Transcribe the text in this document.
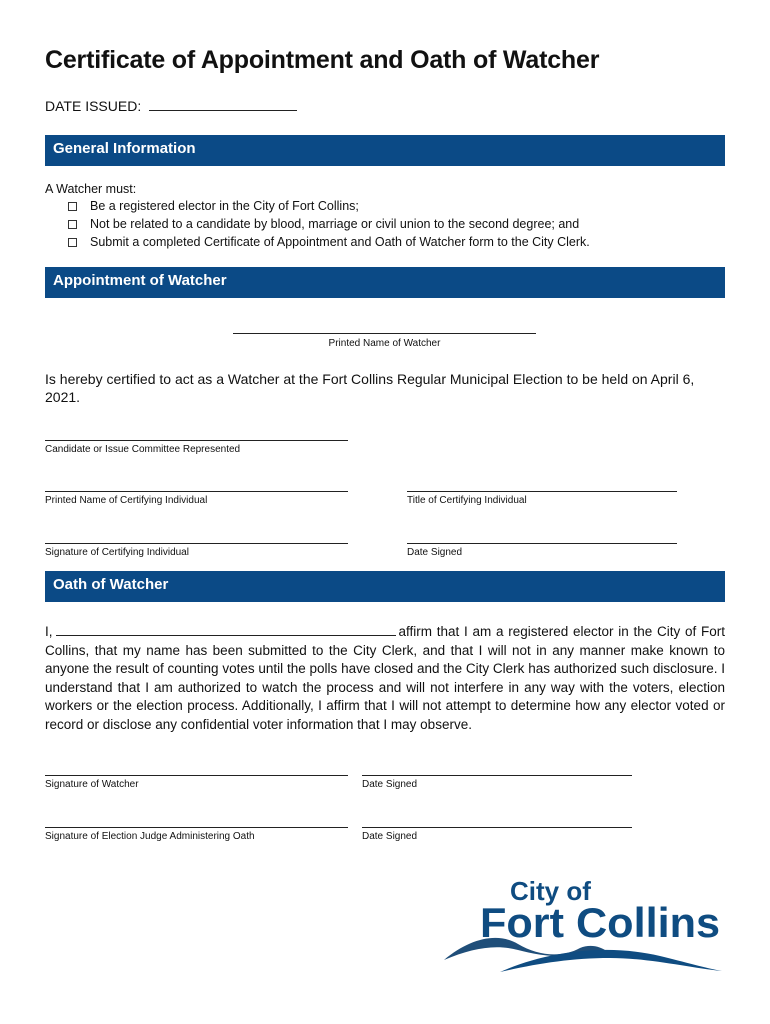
Certificate of Appointment and Oath of Watcher
DATE ISSUED:
General Information
A Watcher must:
Be a registered elector in the City of Fort Collins;
Not be related to a candidate by blood, marriage or civil union to the second degree; and
Submit a completed Certificate of Appointment and Oath of Watcher form to the City Clerk.
Appointment of Watcher
Printed Name of Watcher
Is hereby certified to act as a Watcher at the Fort Collins Regular Municipal Election to be held on April 6, 2021.
Candidate or Issue Committee Represented
Printed Name of Certifying Individual	Title of Certifying Individual
Signature of Certifying Individual	Date Signed
Oath of Watcher
I,	affirm that I am a registered elector in the City of Fort Collins, that my name has been submitted to the City Clerk, and that I will not in any manner make known to anyone the result of counting votes until the polls have closed and the City Clerk has authorized such disclosure. I understand that I am authorized to watch the process and will not interfere in any way with the voters, election workers or the election process. Additionally, I affirm that I will not attempt to determine how any elector voted or record or disclose any confidential voter information that I may observe.
Signature of Watcher	Date Signed
Signature of Election Judge Administering Oath	Date Signed
City of
Fort Collins
